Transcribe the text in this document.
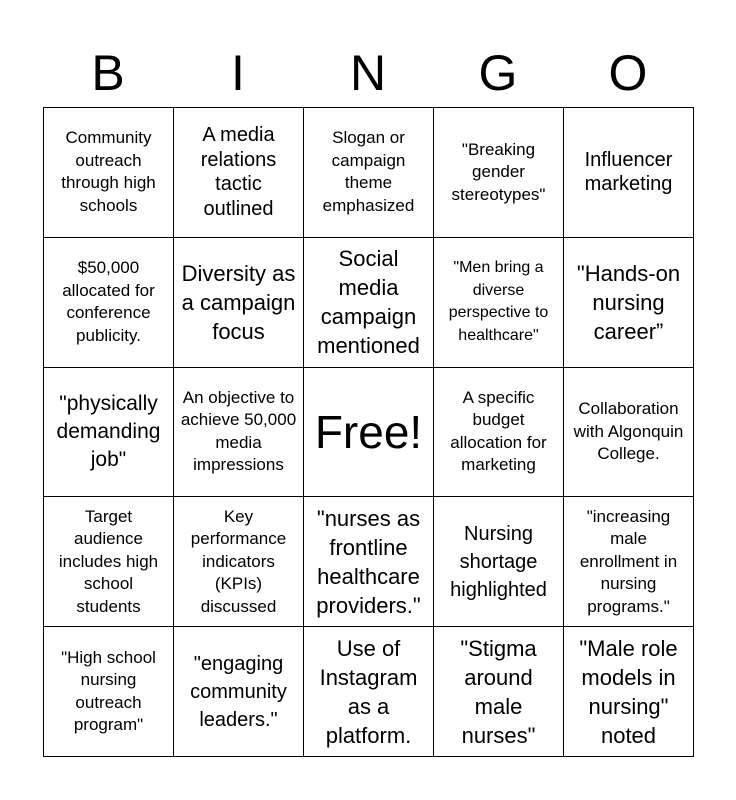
B	I	N	G	O
Community outreach through high schools	A media relations tactic outlined	Slogan or campaign theme emphasized	"Breaking gender stereotypes"	Influencer marketing
$50,000 allocated for conference publicity.	Diversity as a campaign focus	Social media campaign mentioned	"Men bring a diverse perspective to healthcare"	"Hands-on nursing career”
"physically demanding job"	An objective to achieve 50,000 media impressions	Free!	A specific budget allocation for marketing	Collaboration with Algonquin College.
Target audience includes high school students	Key performance indicators (KPIs) discussed	"nurses as frontline healthcare providers."	Nursing shortage highlighted	"increasing male enrollment in nursing programs."
"High school nursing outreach program"	"engaging community leaders."	Use of Instagram as a platform.	"Stigma around male nurses"	"Male role models in nursing" noted
